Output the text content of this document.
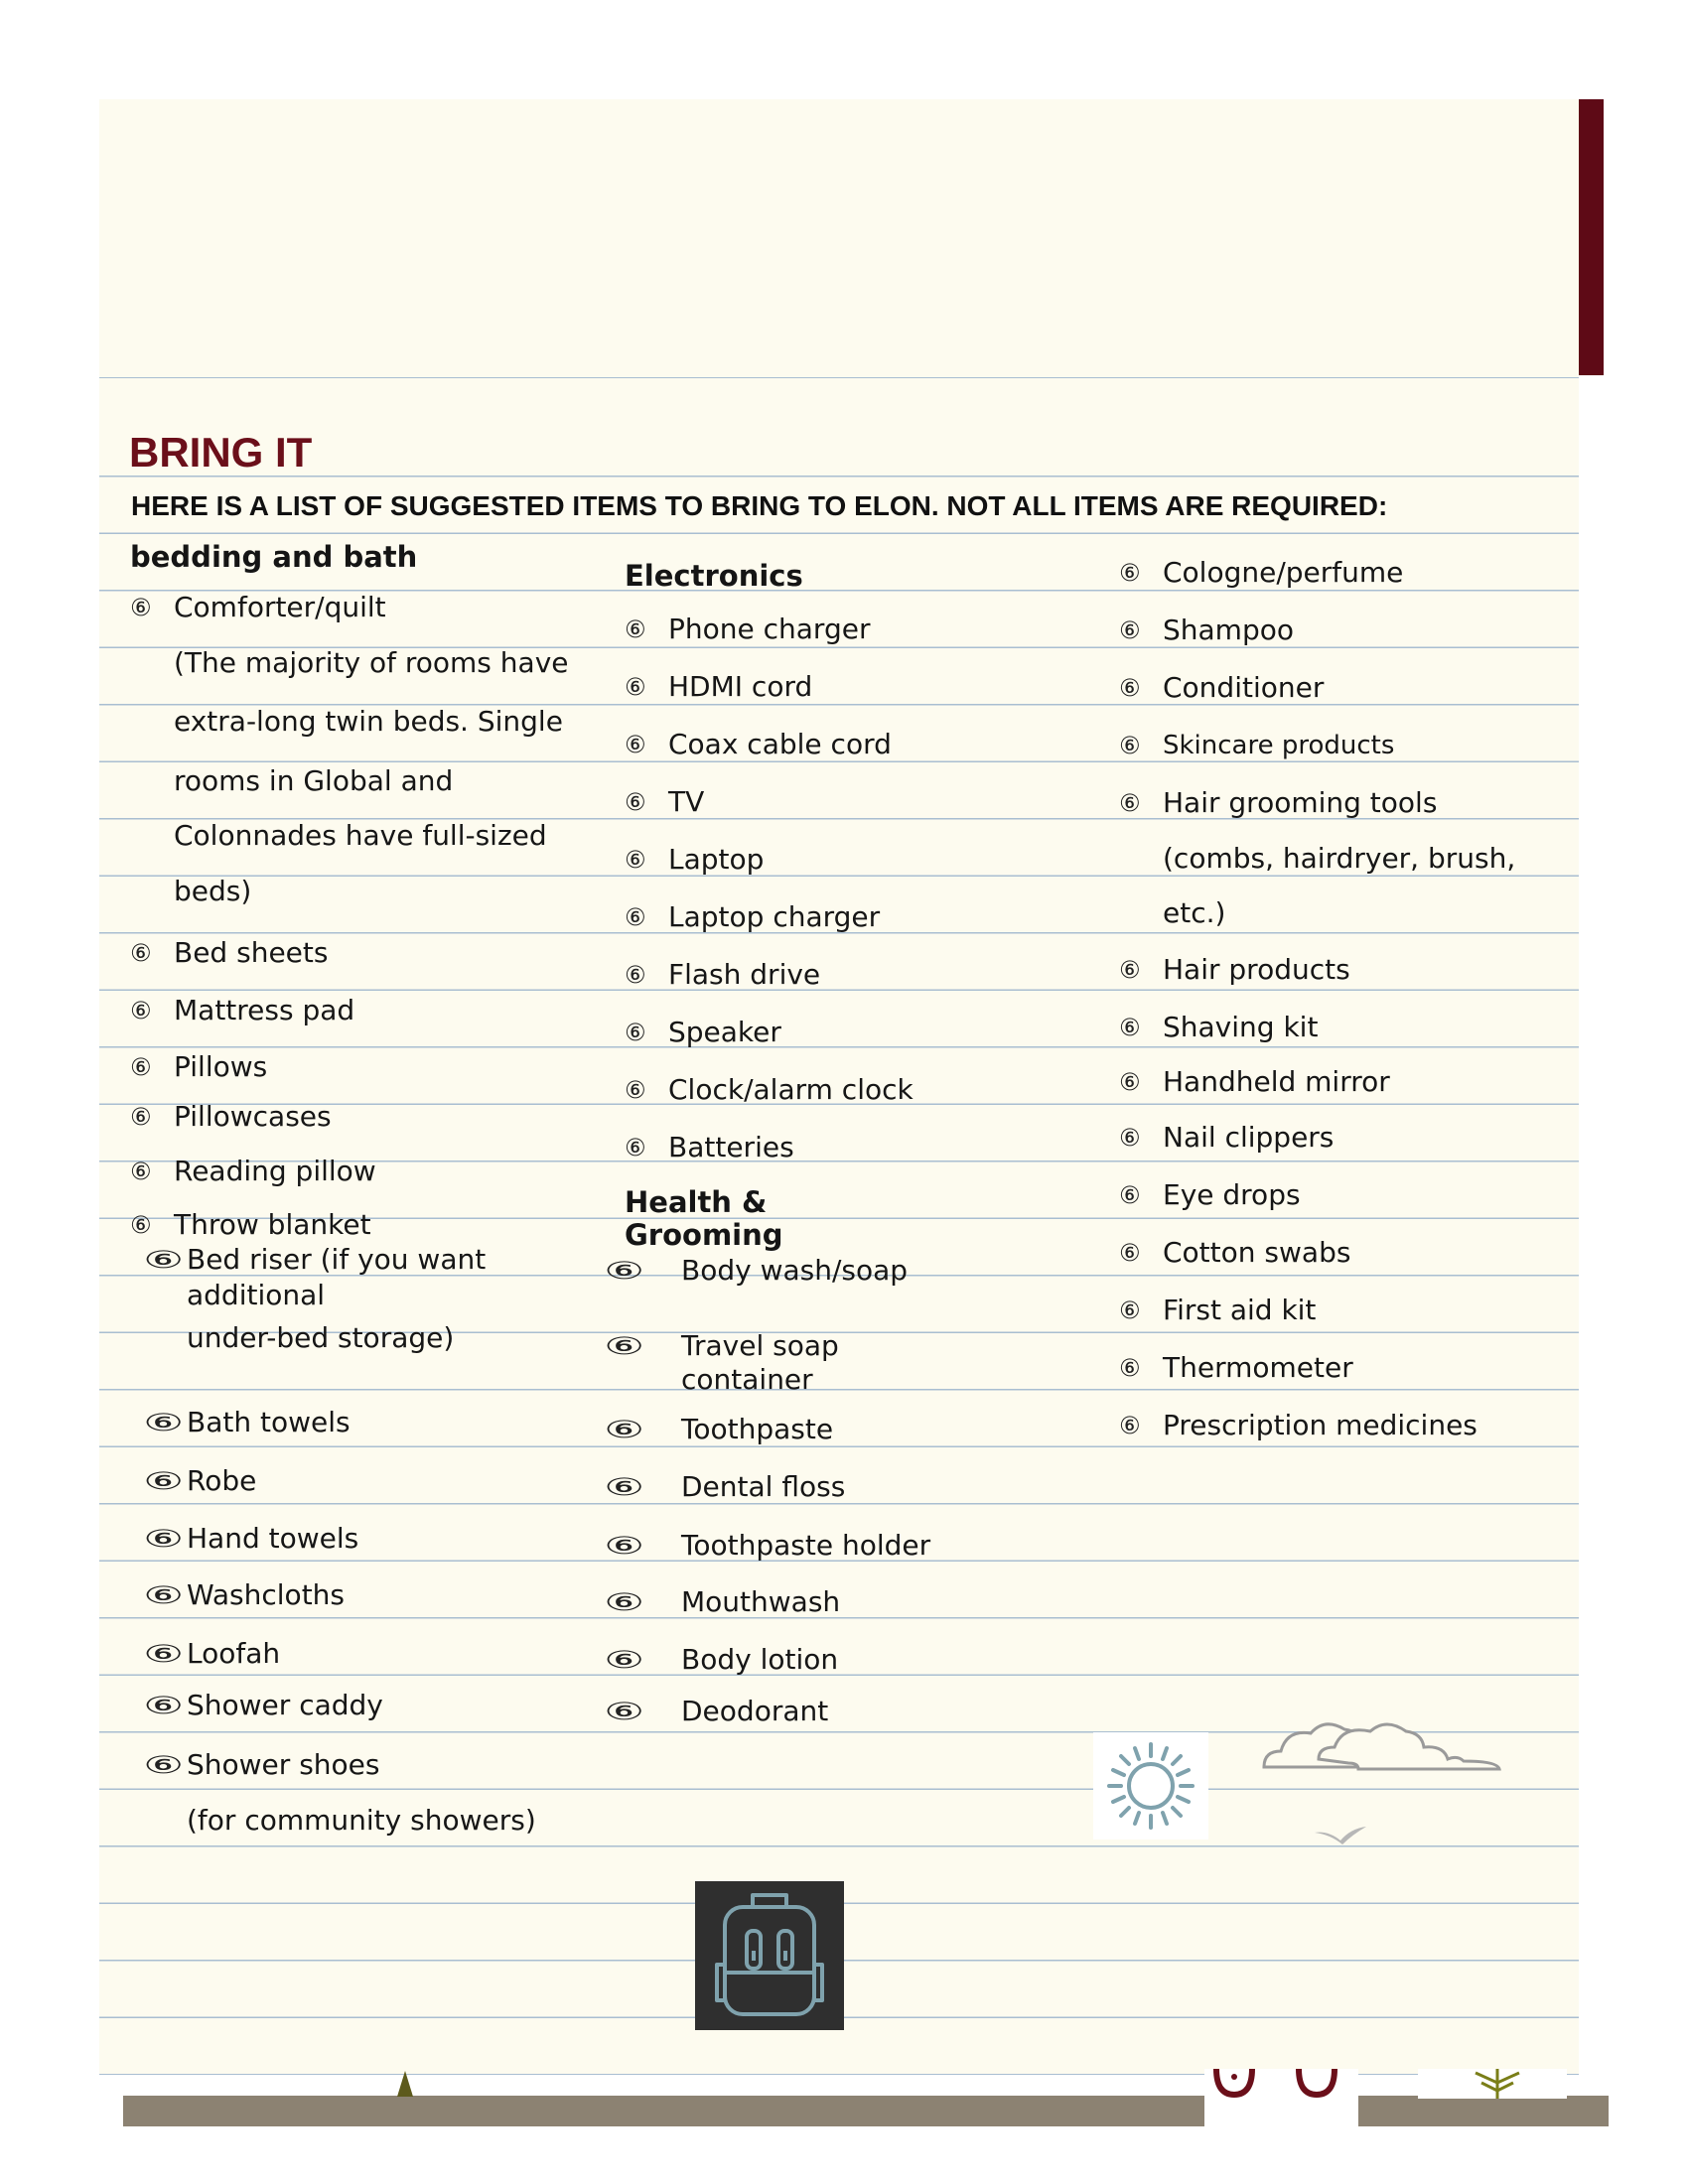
BRING IT

HERE IS A LIST OF SUGGESTED ITEMS TO BRING TO ELON. NOT ALL ITEMS ARE REQUIRED:

bedding and bath
⑥ Comforter/quilt
(The majority of rooms have
extra-long twin beds. Single
rooms in Global and
Colonnades have full-sized
beds)
⑥ Bed sheets
⑥ Mattress pad
⑥ Pillows
⑥ Pillowcases
⑥ Reading pillow
⑥ Throw blanket
⑥ Bed riser (if you want
additional
under-bed storage)
⑥ Bath towels
⑥ Robe
⑥ Hand towels
⑥ Washcloths
⑥ Loofah
⑥ Shower caddy
⑥ Shower shoes
(for community showers)
Electronics
⑥ Phone charger
⑥ HDMI cord
⑥ Coax cable cord
⑥ TV
⑥ Laptop
⑥ Laptop charger
⑥ Flash drive
⑥ Speaker
⑥ Clock/alarm clock
⑥ Batteries
Health &
Grooming
⑥ Body wash/soap
⑥ Travel soap
container
⑥ Toothpaste
⑥ Dental floss
⑥ Toothpaste holder
⑥ Mouthwash
⑥ Body lotion
⑥ Deodorant
⑥ Cologne/perfume
⑥ Shampoo
⑥ Conditioner
⑥ Skincare products
⑥ Hair grooming tools
(combs, hairdryer, brush,
etc.)
⑥ Hair products
⑥ Shaving kit
⑥ Handheld mirror
⑥ Nail clippers
⑥ Eye drops
⑥ Cotton swabs
⑥ First aid kit
⑥ Thermometer
⑥ Prescription medicines
